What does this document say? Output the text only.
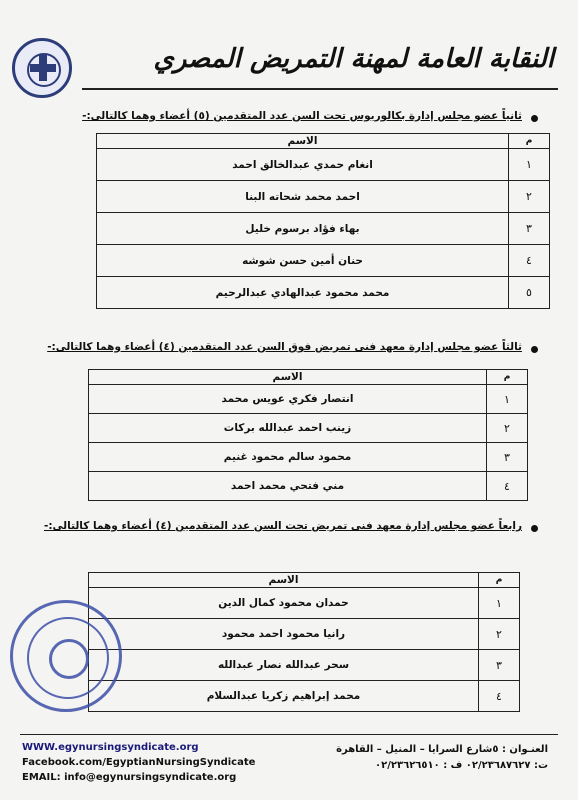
النقابة العامة لمهنة التمريض المصري
ثانياً عضو مجلس إدارة بكالوريوس تحت السن عدد المتقدمين (٥) أعضاء وهما كالتالى:-
م	الاسم
١	انغام حمدي عبدالخالق احمد
٢	احمد محمد شحاته البنا
٣	بهاء فؤاد برسوم خليل
٤	حنان أمين حسن شوشه
٥	محمد محمود عبدالهادي عبدالرحيم
ثالثاً عضو مجلس إدارة معهد فنى تمريض فوق السن عدد المتقدمين (٤) أعضاء وهما كالتالى:-
م	الاسم
١	انتصار فكري عويس محمد
٢	زينب احمد عبدالله بركات
٣	محمود سالم محمود غنيم
٤	مني فتحي محمد احمد
رابعاً عضو مجلس إدارة معهد فنى تمريض تحت السن عدد المتقدمين (٤) أعضاء وهما كالتالى:-
م	الاسم
١	حمدان محمود كمال الدين
٢	رانيا محمود احمد محمود
٣	سحر عبدالله نصار عبدالله
٤	محمد إبراهيم زكريا عبدالسلام
WWW.egynursingsyndicate.org
Facebook.com/EgyptianNursingSyndicate
EMAIL: info@egynursingsyndicate.org
العنـوان : ٥شارع السرايا – المنيل – القاهرة
ت: ٠٢/٢٣٦٨٧٦٢٧ ف : ٠٢/٢٣٦٢٦٥١٠
